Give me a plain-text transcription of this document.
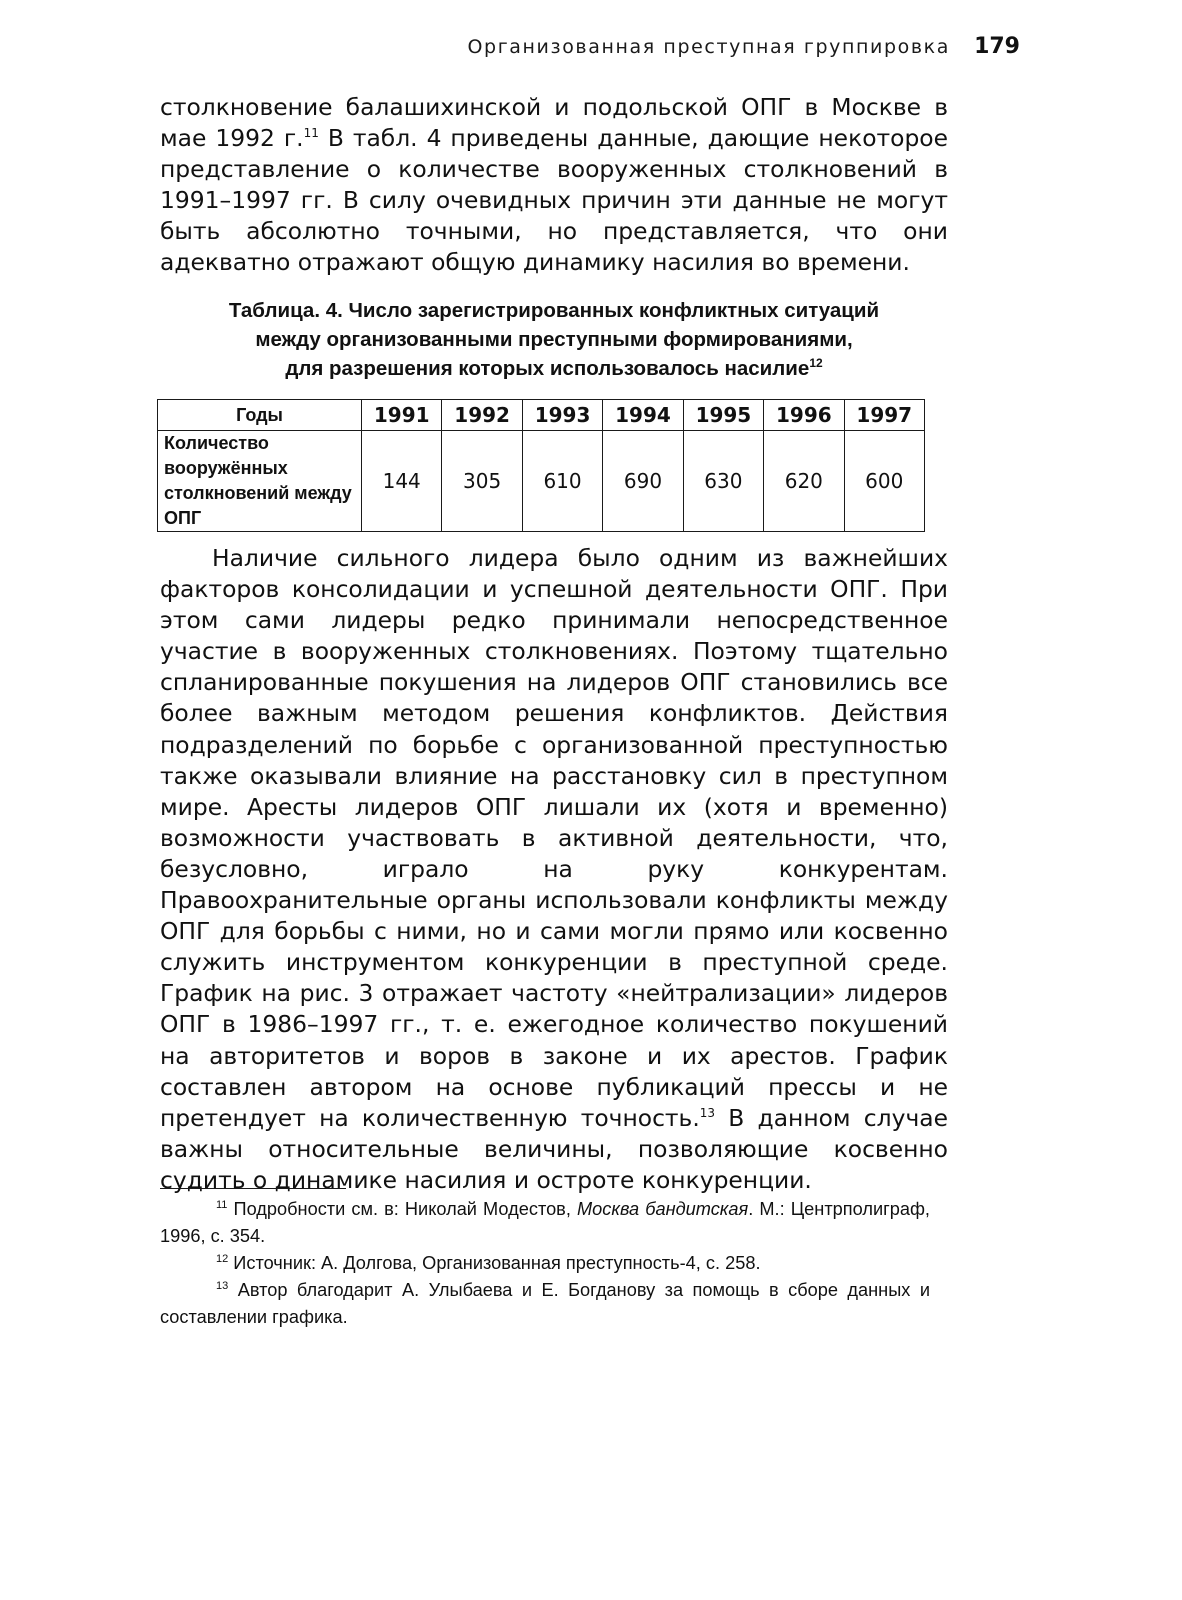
Организованная преступная группировка 179

столкновение балашихинской и подольской ОПГ в Москве в мае 1992 г.$^{11}$ В табл. 4 приведены данные, дающие некоторое представление о количестве вооруженных столкновений в 1991–1997 гг. В силу очевидных причин эти данные не могут быть абсолютно точными, но представляется, что они адекватно отражают общую динамику насилия во времени.

Таблица. 4. Число зарегистрированных конфликтных ситуаций
между организованными преступными формированиями,
для разрешения которых использовалось насилие$^{12}$
Годы	1991	1992	1993	1994	1995	1996	1997
Количество вооружённых столкновений между ОПГ	144	305	610	690	630	620	600

Наличие сильного лидера было одним из важнейших факторов консолидации и успешной деятельности ОПГ. При этом сами лидеры редко принимали непосредственное участие в вооруженных столкновениях. Поэтому тщательно спланированные покушения на лидеров ОПГ становились все более важным методом решения конфликтов. Действия подразделений по борьбе с организованной преступностью также оказывали влияние на расстановку сил в преступном мире. Аресты лидеров ОПГ лишали их (хотя и временно) возможности участвовать в активной деятельности, что, безусловно, играло на руку конкурентам. Правоохранительные органы использовали конфликты между ОПГ для борьбы с ними, но и сами могли прямо или косвенно служить инструментом конкуренции в преступной среде. График на рис. 3 отражает частоту «нейтрализации» лидеров ОПГ в 1986–1997 гг., т. е. ежегодное количество покушений на авторитетов и воров в законе и их арестов. График составлен автором на основе публикаций прессы и не претендует на количественную точность.$^{13}$ В данном случае важны относительные величины, позволяющие косвенно судить о динамике насилия и остроте конкуренции.

$^{11}$ Подробности см. в: Николай Модестов, Москва бандитская. М.: Центрполиграф, 1996, с. 354.

$^{12}$ Источник: А. Долгова, Организованная преступность-4, с. 258.

$^{13}$ Автор благодарит А. Улыбаева и Е. Богданову за помощь в сборе данных и составлении графика.
